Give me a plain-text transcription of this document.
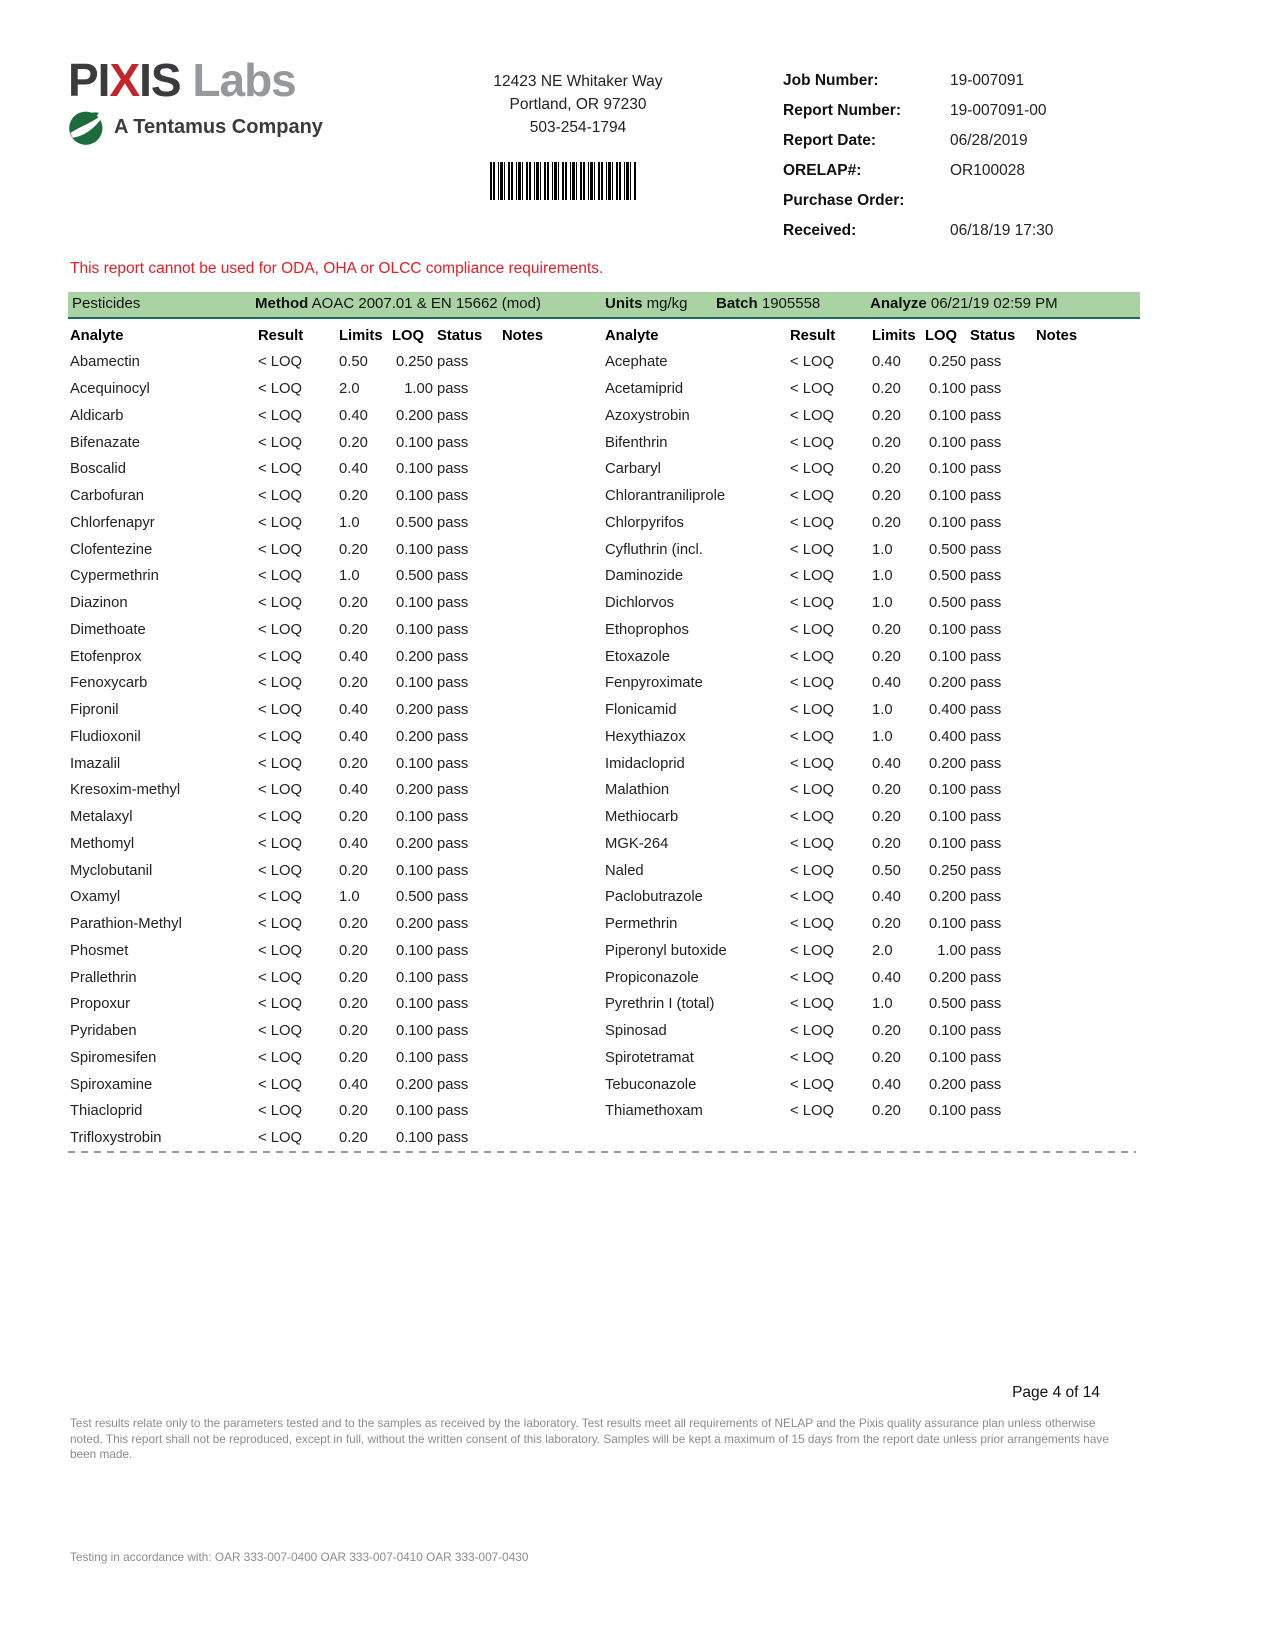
PIXIS Labs
A Tentamus Company
12423 NE Whitaker Way
Portland, OR 97230
503-254-1794
Job Number:	19-007091
Report Number:	19-007091-00
Report Date:	06/28/2019
ORELAP#:	OR100028
Purchase Order:
Received:	06/18/19 17:30
This report cannot be used for ODA, OHA or OLCC compliance requirements.
Pesticides	Method AOAC 2007.01 & EN 15662 (mod)	Units mg/kg Batch 1905558	Analyze 06/21/19 02:59 PM
Analyte	Result	Limits LOQ Status	Notes
Abamectin	< LOQ	0.50	0.250 pass
Acequinocyl	< LOQ	2.0	1.00 pass
Aldicarb	< LOQ	0.40	0.200 pass
Bifenazate	< LOQ	0.20	0.100 pass
Boscalid	< LOQ	0.40	0.100 pass
Carbofuran	< LOQ	0.20	0.100 pass
Chlorfenapyr	< LOQ	1.0	0.500 pass
Clofentezine	< LOQ	0.20	0.100 pass
Cypermethrin	< LOQ	1.0	0.500 pass
Diazinon	< LOQ	0.20	0.100 pass
Dimethoate	< LOQ	0.20	0.100 pass
Etofenprox	< LOQ	0.40	0.200 pass
Fenoxycarb	< LOQ	0.20	0.100 pass
Fipronil	< LOQ	0.40	0.200 pass
Fludioxonil	< LOQ	0.40	0.200 pass
Imazalil	< LOQ	0.20	0.100 pass
Kresoxim-methyl	< LOQ	0.40	0.200 pass
Metalaxyl	< LOQ	0.20	0.100 pass
Methomyl	< LOQ	0.40	0.200 pass
Myclobutanil	< LOQ	0.20	0.100 pass
Oxamyl	< LOQ	1.0	0.500 pass
Parathion-Methyl	< LOQ	0.20	0.200 pass
Phosmet	< LOQ	0.20	0.100 pass
Prallethrin	< LOQ	0.20	0.100 pass
Propoxur	< LOQ	0.20	0.100 pass
Pyridaben	< LOQ	0.20	0.100 pass
Spiromesifen	< LOQ	0.20	0.100 pass
Spiroxamine	< LOQ	0.40	0.200 pass
Thiacloprid	< LOQ	0.20	0.100 pass
Trifloxystrobin	< LOQ	0.20	0.100 pass
Analyte	Result	Limits LOQ Status	Notes
Acephate	< LOQ	0.40	0.250 pass
Acetamiprid	< LOQ	0.20	0.100 pass
Azoxystrobin	< LOQ	0.20	0.100 pass
Bifenthrin	< LOQ	0.20	0.100 pass
Carbaryl	< LOQ	0.20	0.100 pass
Chlorantraniliprole	< LOQ	0.20	0.100 pass
Chlorpyrifos	< LOQ	0.20	0.100 pass
Cyfluthrin (incl.	< LOQ	1.0	0.500 pass
Daminozide	< LOQ	1.0	0.500 pass
Dichlorvos	< LOQ	1.0	0.500 pass
Ethoprophos	< LOQ	0.20	0.100 pass
Etoxazole	< LOQ	0.20	0.100 pass
Fenpyroximate	< LOQ	0.40	0.200 pass
Flonicamid	< LOQ	1.0	0.400 pass
Hexythiazox	< LOQ	1.0	0.400 pass
Imidacloprid	< LOQ	0.40	0.200 pass
Malathion	< LOQ	0.20	0.100 pass
Methiocarb	< LOQ	0.20	0.100 pass
MGK-264	< LOQ	0.20	0.100 pass
Naled	< LOQ	0.50	0.250 pass
Paclobutrazole	< LOQ	0.40	0.200 pass
Permethrin	< LOQ	0.20	0.100 pass
Piperonyl butoxide	< LOQ	2.0	1.00 pass
Propiconazole	< LOQ	0.40	0.200 pass
Pyrethrin I (total)	< LOQ	1.0	0.500 pass
Spinosad	< LOQ	0.20	0.100 pass
Spirotetramat	< LOQ	0.20	0.100 pass
Tebuconazole	< LOQ	0.40	0.200 pass
Thiamethoxam	< LOQ	0.20	0.100 pass
Page 4 of 14
Test results relate only to the parameters tested and to the samples as received by the laboratory. Test results meet all requirements of NELAP and the Pixis quality assurance plan unless otherwise noted. This report shall not be reproduced, except in full, without the written consent of this laboratory. Samples will be kept a maximum of 15 days from the report date unless prior arrangements have been made.
Testing in accordance with: OAR 333-007-0400 OAR 333-007-0410 OAR 333-007-0430
